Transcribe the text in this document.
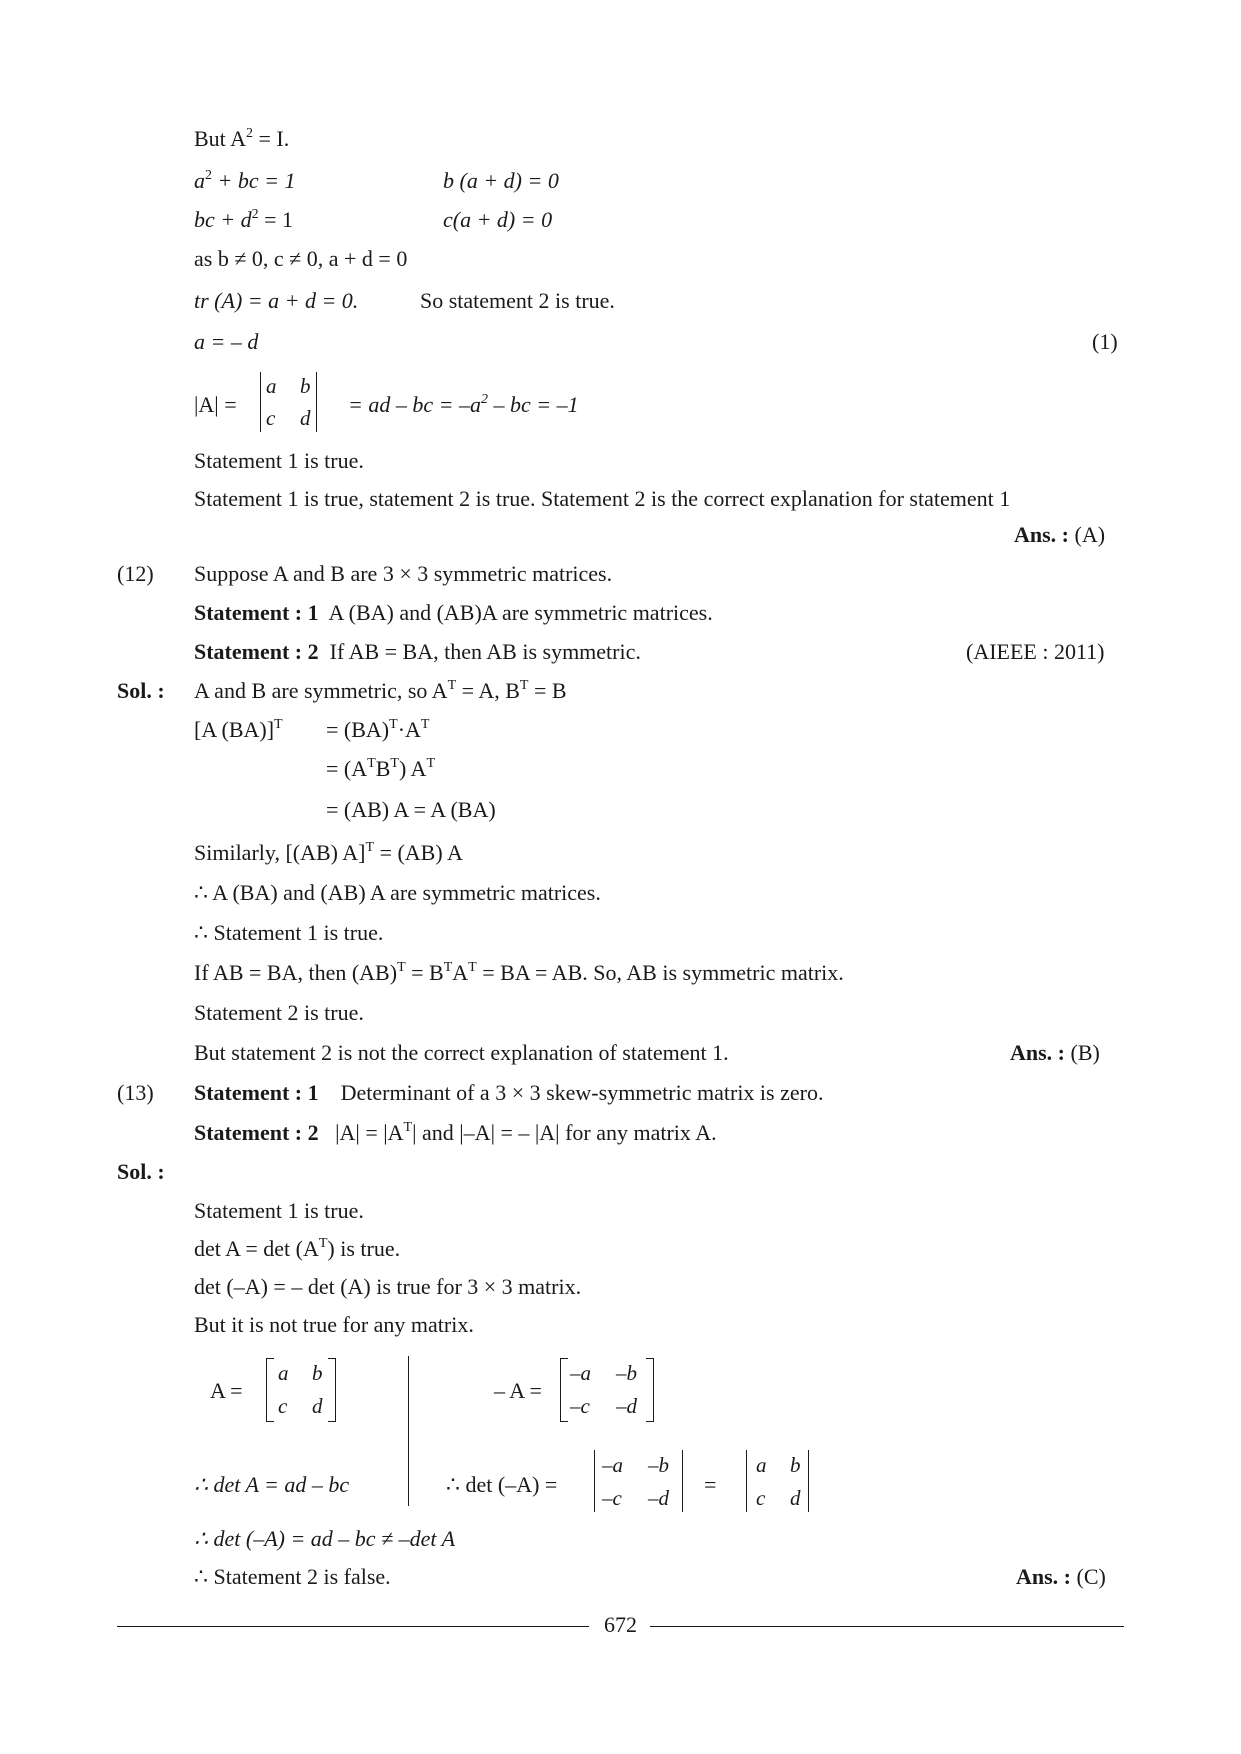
But $A^2 = I$.
$a^2$ + bc = 1	b (a + d) = 0
bc + $d^2 = 1$	c(a + d) = 0
as b ≠ 0, c ≠ 0, a + d = 0
tr (A) = a + d = 0.	So statement 2 is true.
a = – d	(1)
|A| =
a b
c d
= ad – bc = $-a^2$ – bc = –1
Statement 1 is true.
Statement 1 is true, statement 2 is true. Statement 2 is the correct explanation for statement 1
Ans. : (A)
(12) Suppose A and B are 3 × 3 symmetric matrices.
Statement : 1 A (BA) and (AB)A are symmetric matrices.
Statement : 2 If AB = BA, then AB is symmetric.	(AIEEE : 2011)
Sol. : A and B are symmetric, so $A^T = A$, $B^T = B$
[A $(BA)]^T = (BA)^T\cdot A^T$
= $(A^TB^T)$ $A^T$
= (AB) A = A (BA)
Similarly, [(AB) A]$^T$ = (AB) A
∴ A (BA) and (AB) A are symmetric matrices.
∴ Statement 1 is true.
If AB = BA, then $(AB)^T = B^TA^T$ = BA = AB. So, AB is symmetric matrix.
Statement 2 is true.
But statement 2 is not the correct explanation of statement 1.	Ans. : (B)
(13) Statement : 1 Determinant of a 3 × 3 skew-symmetric matrix is zero.
Statement : 2 $|A| = |A^T|$ and |–A| = – |A| for any matrix A.
Sol. :
Statement 1 is true.
$\det A = \det (A^T)$ is true.
det (–A) = – det (A) is true for 3 × 3 matrix.
But it is not true for any matrix.
A =
a b
c d
– A =
–a –b
–c –d
∴ det A = ad – bc	∴ det (–A) =
–a –b
–c –d
=
a b
c d
∴ det (–A) = ad – bc ≠ –det A
∴ Statement 2 is false.	Ans. : (C)
672
